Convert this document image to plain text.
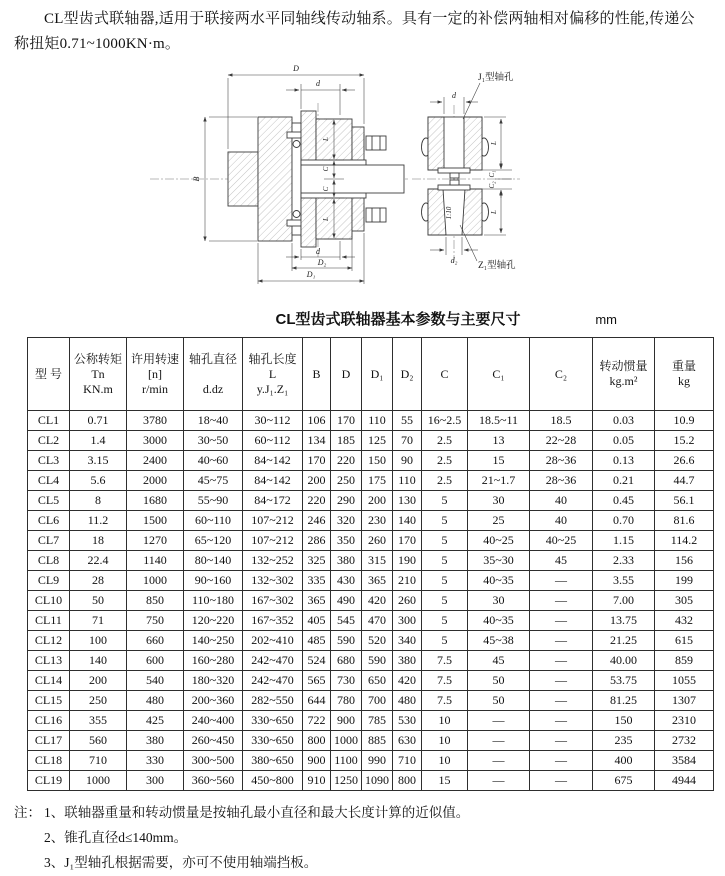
CL型齿式联轴器,适用于联接两水平同轴线传动轴系。具有一定的补偿两轴相对偏移的性能,传递公称扭矩0.71~1000KN·m。

D
d
B
L
C
C
L
d
D₂
D₁
1:10
d
d₂
L
C₁
C₂
L
J₁型轴孔
Z₁型轴孔
CL型齿式联轴器基本参数与主要尺寸	mm
型 号	公称转矩
Tn
KN.m	许用转速
[n]
r/min	轴孔直径

d.dz	轴孔长度
L
y.J₁.Z₁	B	D	D₁	D₂	C	C₁	C₂	转动惯量
kg.m²	重量
kg
CL1	0.71	3780	18~40	30~112	106	170	110	55	16~2.5	18.5~11	18.5	0.03	10.9
CL2	1.4	3000	30~50	60~112	134	185	125	70	2.5	13	22~28	0.05	15.2
CL3	3.15	2400	40~60	84~142	170	220	150	90	2.5	15	28~36	0.13	26.6
CL4	5.6	2000	45~75	84~142	200	250	175	110	2.5	21~1.7	28~36	0.21	44.7
CL5	8	1680	55~90	84~172	220	290	200	130	5	30	40	0.45	56.1
CL6	11.2	1500	60~110	107~212	246	320	230	140	5	25	40	0.70	81.6
CL7	18	1270	65~120	107~212	286	350	260	170	5	40~25	40~25	1.15	114.2
CL8	22.4	1140	80~140	132~252	325	380	315	190	5	35~30	45	2.33	156
CL9	28	1000	90~160	132~302	335	430	365	210	5	40~35	—	3.55	199
CL10	50	850	110~180	167~302	365	490	420	260	5	30	—	7.00	305
CL11	71	750	120~220	167~352	405	545	470	300	5	40~35	—	13.75	432
CL12	100	660	140~250	202~410	485	590	520	340	5	45~38	—	21.25	615
CL13	140	600	160~280	242~470	524	680	590	380	7.5	45	—	40.00	859
CL14	200	540	180~320	242~470	565	730	650	420	7.5	50	—	53.75	1055
CL15	250	480	200~360	282~550	644	780	700	480	7.5	50	—	81.25	1307
CL16	355	425	240~400	330~650	722	900	785	530	10	—	—	150	2310
CL17	560	380	260~450	330~650	800	1000	885	630	10	—	—	235	2732
CL18	710	330	300~500	380~650	900	1100	990	710	10	—	—	400	3584
CL19	1000	300	360~560	450~800	910	1250	1090	800	15	—	—	675	4944
注： 1、联轴器重量和转动惯量是按轴孔最小直径和最大长度计算的近似值。
2、锥孔直径d≤140mm。
3、J₁型轴孔根据需要，亦可不使用轴端挡板。
